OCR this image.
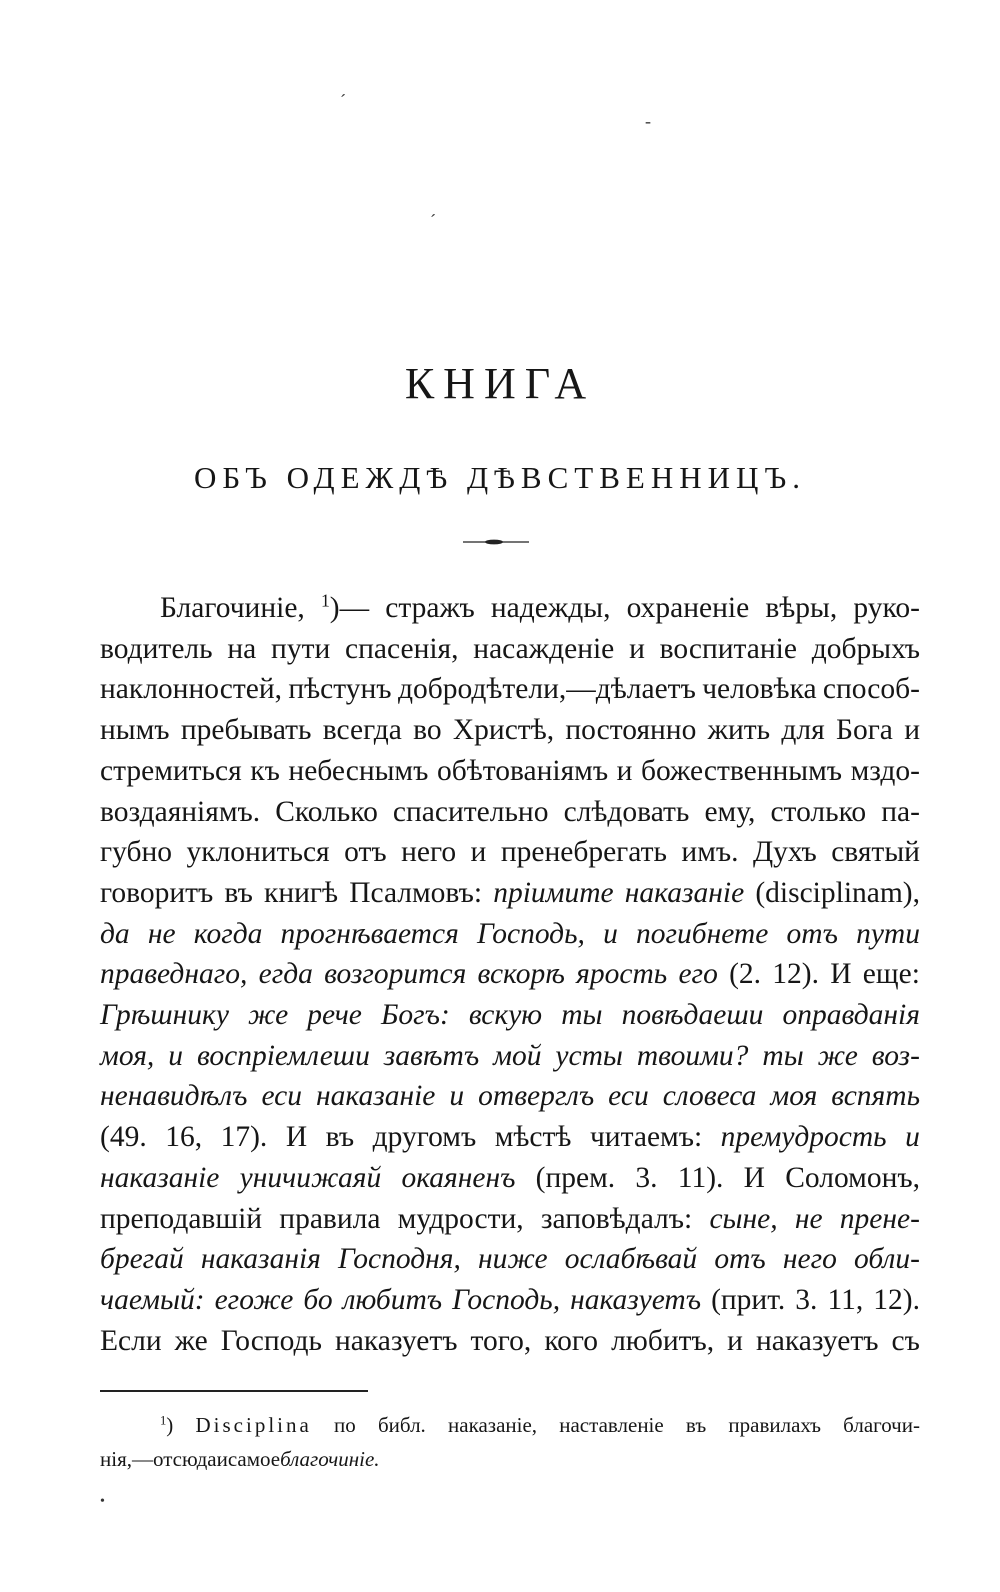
ˊ
-
ˊ
•
КНИГА
ОБЪ ОДЕЖДѢ ДѢВСТВЕННИЦЪ.
Благочиніе, $^1$)— стражъ надежды, охраненіе вѣры, руко-
водитель на пути спасенія, насажденіе и воспитаніе добрыхъ
наклонностей, пѣстунъ добродѣтели,—дѣлаетъ человѣка способ-
нымъ пребывать всегда во Христѣ, постоянно жить для Бога и
стремиться къ небеснымъ обѣтованіямъ и божественнымъ мздо-
воздаяніямъ. Сколько спасительно слѣдовать ему, столько па-
губно уклониться отъ него и пренебрегать имъ. Духъ святый
говоритъ въ книгѣ Псалмовъ: пріимите наказаніе (disciplinam),
да не когда прогнѣвается Господь, и погибнете отъ пути
праведнаго, егда возгорится вскорѣ ярость его (2. 12). И еще:
Грѣшнику же рече Богъ: вскую ты повѣдаеши оправданія
моя, и воспріемлеши завѣтъ мой усты твоими? ты же воз-
ненавидѣлъ еси наказаніе и отверглъ еси словеса моя вспять
(49. 16, 17). И въ другомъ мѣстѣ читаемъ: премудрость и
наказаніе уничижаяй окаяненъ (прем. 3. 11). И Соломонъ,
преподавшій правила мудрости, заповѣдалъ: сыне, не прене-
брегай наказанія Господня, ниже ослабѣвай отъ него обли-
чаемый: егоже бо любитъ Господь, наказуетъ (прит. 3. 11, 12).
Если же Господь наказуетъ того, кого любитъ, и наказуетъ съ
$^1$) Disciplina по библ. наказаніе, наставленіе въ правилахъ благочи-
нія,—отсюда и самое благочиніе.
